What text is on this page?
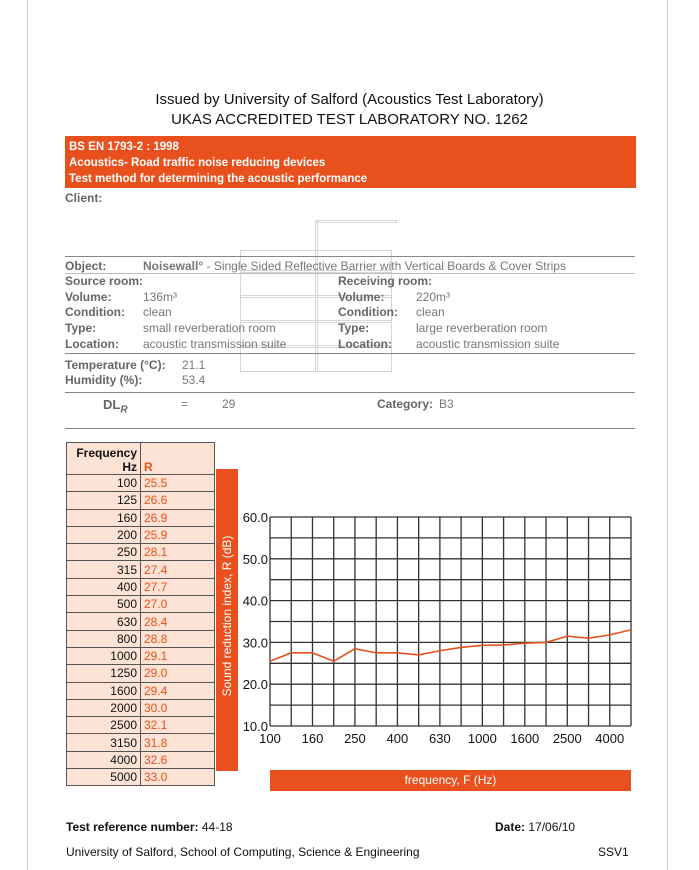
Issued by University of Salford (Acoustics Test Laboratory)
UKAS ACCREDITED TEST LABORATORY NO. 1262
BS EN 1793-2 : 1998
Acoustics- Road traffic noise reducing devices
Test method for determining the acoustic performance
Client:
Object:	Noisewall° - Single Sided Reflective Barrier with Vertical Boards & Cover Strips
Source room:
Volume:	136m³
Condition: clean
Type:	small reverberation room
Location: acoustic transmission suite
Receiving room:
Volume:	220m³
Condition: clean
Type:	large reverberation room
Location: acoustic transmission suite
Temperature (°C): 21.1
Humidity (%):	53.4
$DL_R$	=	29	Category: B3
Frequency
Hz	R
100	25.5
125	26.6
160	26.9
200	25.9
250	28.1
315	27.4
400	27.7
500	27.0
630	28.4
800	28.8
1000	29.1
1250	29.0
1600	29.4
2000	30.0
2500	32.1
3150	31.8
4000	32.6
5000	33.0
Sound reduction index, R (dB)
10.0
20.0
30.0
40.0
50.0
60.0
100 160 250 400 630 1000 1600 2500 4000
frequency, F (Hz)
Test reference number: 44-18	Date: 17/06/10
University of Salford, School of Computing, Science & Engineering	SSV1
